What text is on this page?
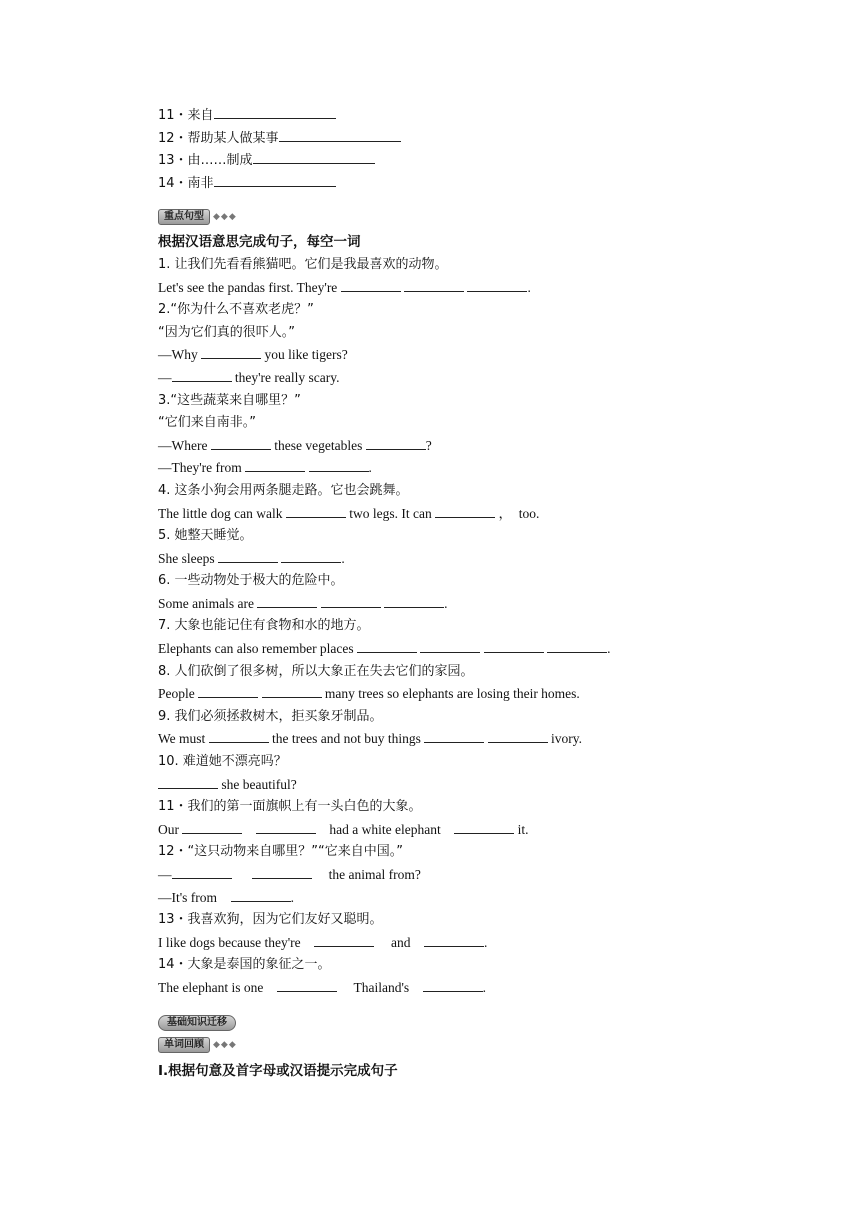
11・来自
12・帮助某人做某事
13・由……制成
14・南非
重点句型	◆◆◆
根据汉语意思完成句子，每空一词
1. 让我们先看看熊猫吧。它们是我最喜欢的动物。
Let's see the pandas first. They're	.
2.“你为什么不喜欢老虎？”
“因为它们真的很吓人。”
—Why	you like tigers?
—	they're really scary.
3.“这些蔬菜来自哪里？”
“它们来自南非。”
—Where	these vegetables	?
—They're from	.
4. 这条小狗会用两条腿走路。它也会跳舞。
The little dog can walk	two legs. It can	， too.
5. 她整天睡觉。
She sleeps	.
6. 一些动物处于极大的危险中。
Some animals are	.
7. 大象也能记住有食物和水的地方。
Elephants can also remember places	.
8. 人们砍倒了很多树，所以大象正在失去它们的家园。
People	many trees so elephants are losing their homes.
9. 我们必须拯救树木，拒买象牙制品。
We must	the trees and not buy things	ivory.
10. 难道她不漂亮吗？
she beautiful?
11・我们的第一面旗帜上有一头白色的大象。
Our	had a white elephant	it.
12・“这只动物来自哪里？”“它来自中国。”
—	the animal from?
—It's from	.
13・我喜欢狗，因为它们友好又聪明。
I like dogs because they're	and	.
14・大象是泰国的象征之一。
The elephant is one	Thailand's	.
基础知识迁移
单词回顾	◆◆◆
Ⅰ.根据句意及首字母或汉语提示完成句子
